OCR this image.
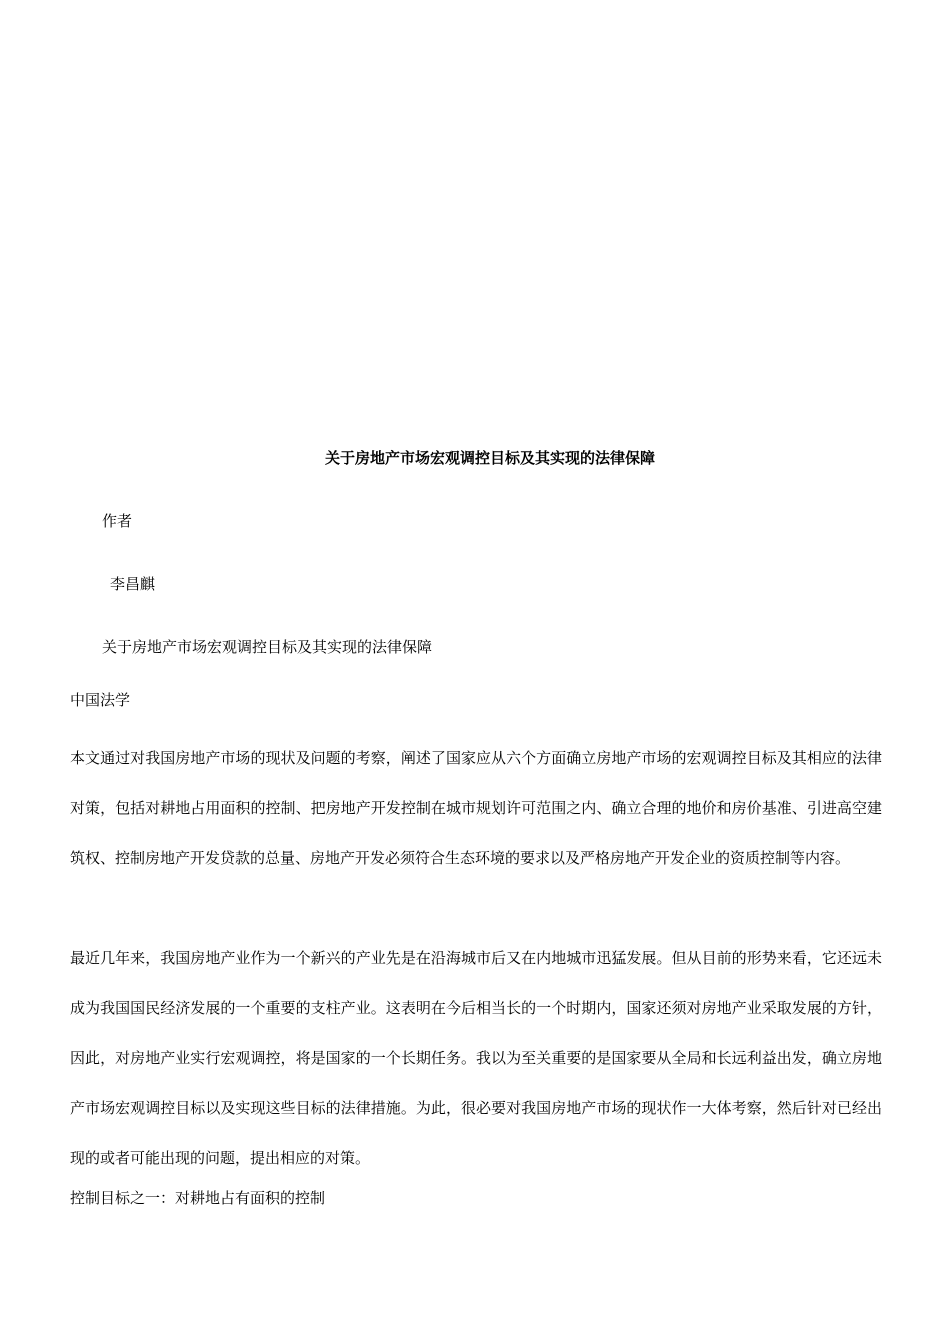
关于房地产市场宏观调控目标及其实现的法律保障
作者
李昌麒
关于房地产市场宏观调控目标及其实现的法律保障
中国法学

本文通过对我国房地产市场的现状及问题的考察，阐述了国家应从六个方面确立房地产市场的宏观调控目标及其相应的法律对策，包括对耕地占用面积的控制、把房地产开发控制在城市规划许可范围之内、确立合理的地价和房价基准、引进高空建筑权、控制房地产开发贷款的总量、房地产开发必须符合生态环境的要求以及严格房地产开发企业的资质控制等内容。

最近几年来，我国房地产业作为一个新兴的产业先是在沿海城市后又在内地城市迅猛发展。但从目前的形势来看，它还远未成为我国国民经济发展的一个重要的支柱产业。这表明在今后相当长的一个时期内，国家还须对房地产业采取发展的方针，因此，对房地产业实行宏观调控，将是国家的一个长期任务。我以为至关重要的是国家要从全局和长远利益出发，确立房地产市场宏观调控目标以及实现这些目标的法律措施。为此，很必要对我国房地产市场的现状作一大体考察，然后针对已经出现的或者可能出现的问题，提出相应的对策。

控制目标之一：对耕地占有面积的控制
